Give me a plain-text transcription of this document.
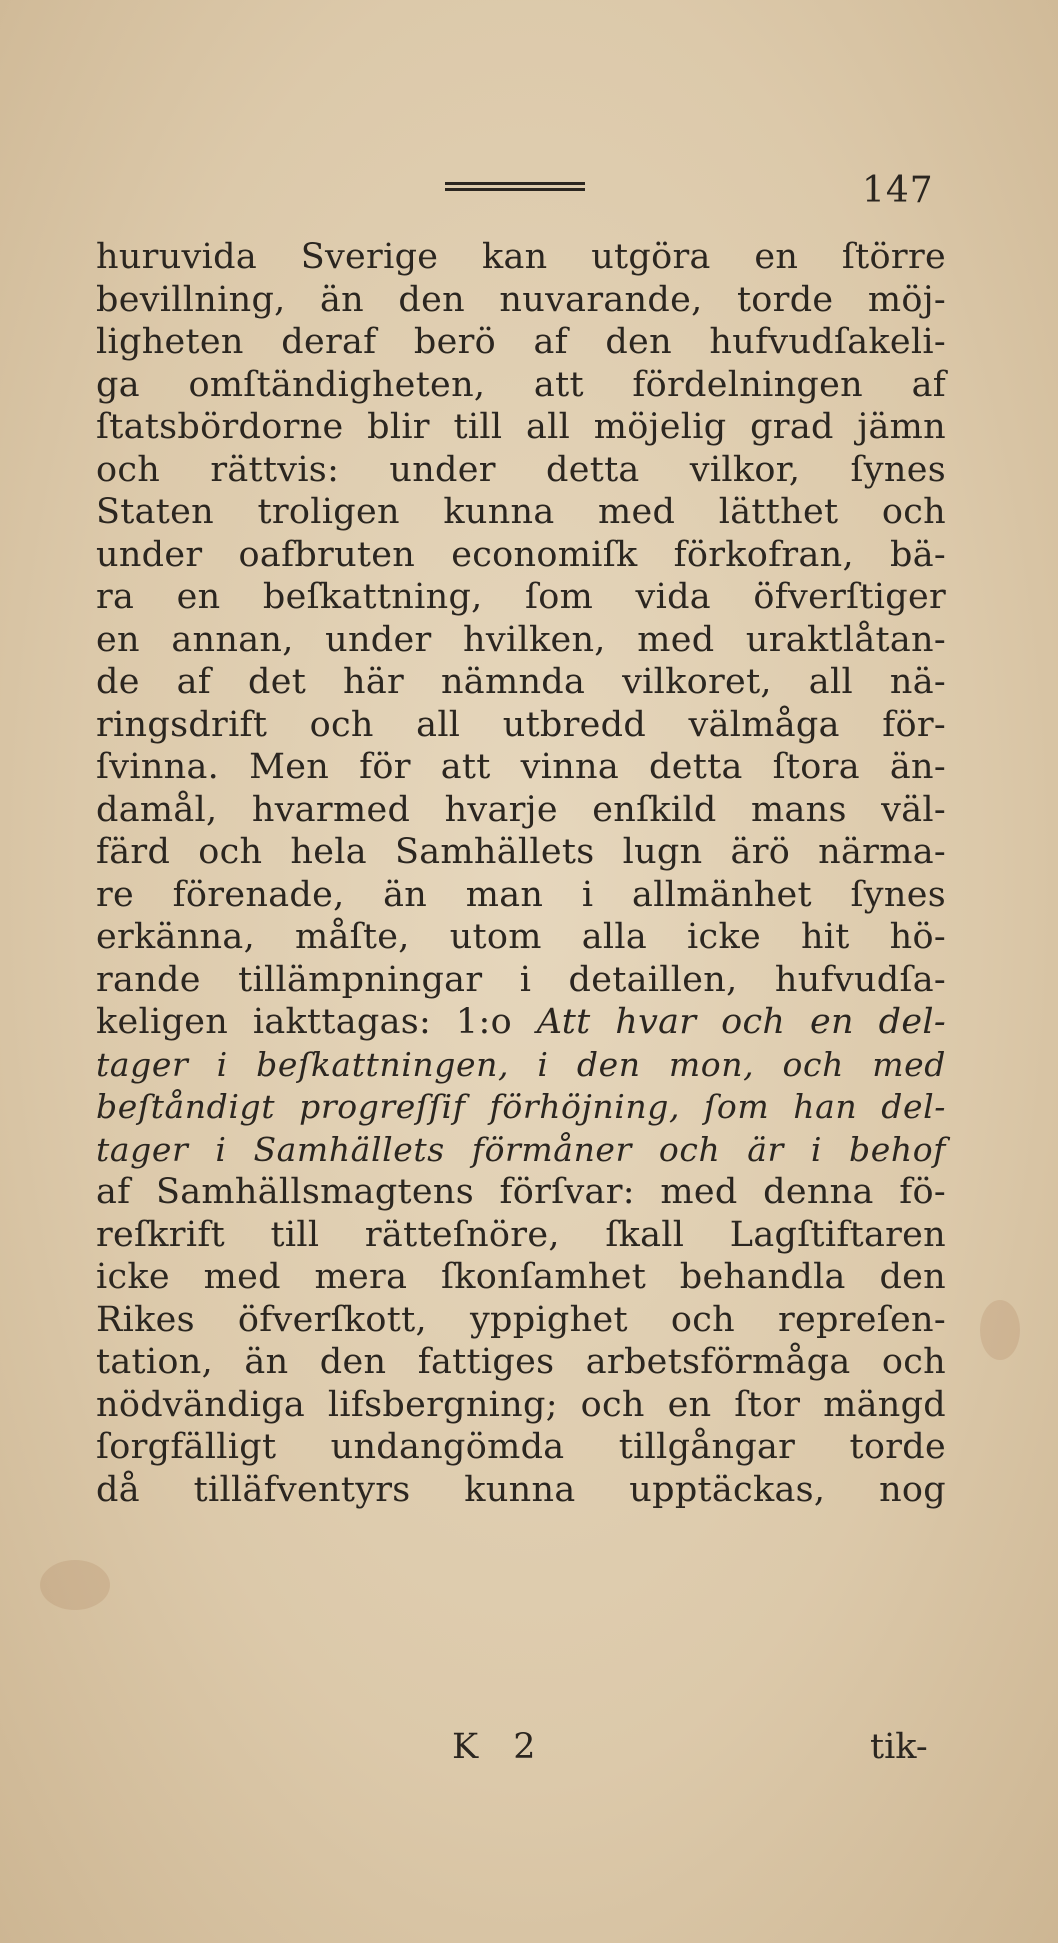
147
huruvida Sverige kan utgöra en ſtörre
bevillning, än den nuvarande, torde möj-
ligheten deraf berö af den hufvudſakeli-
ga omſtändigheten, att fördelningen af
ſtatsbördorne blir till all möjelig grad jämn
och rättvis: under detta vilkor, ſynes
Staten troligen kunna med lätthet och
under oafbruten economiſk förkofran, bä-
ra en beſkattning, ſom vida öfverſtiger
en annan, under hvilken, med uraktlåtan-
de af det här nämnda vilkoret, all nä-
ringsdrift och all utbredd välmåga för-
ſvinna. Men för att vinna detta ſtora än-
damål, hvarmed hvarje enſkild mans väl-
färd och hela Samhällets lugn ärö närma-
re förenade, än man i allmänhet ſynes
erkänna, måſte, utom alla icke hit hö-
rande tillämpningar i detaillen, hufvudſa-
keligen iakttagas: 1:o Att hvar och en del-
tager i beſkattningen, i den mon, och med
beſtåndigt progreſſif förhöjning, ſom han del-
tager i Samhällets förmåner och är i behof
af Samhällsmagtens förſvar: med denna fö-
reſkrift till rätteſnöre, ſkall Lagſtiftaren
icke med mera ſkonſamhet behandla den
Rikes öfverſkott, yppighet och repreſen-
tation, än den fattiges arbetsförmåga och
nödvändiga lifsbergning; och en ſtor mängd
ſorgfälligt undangömda tillgångar torde
då tilläfventyrs kunna upptäckas, nog
K 2	tik-
